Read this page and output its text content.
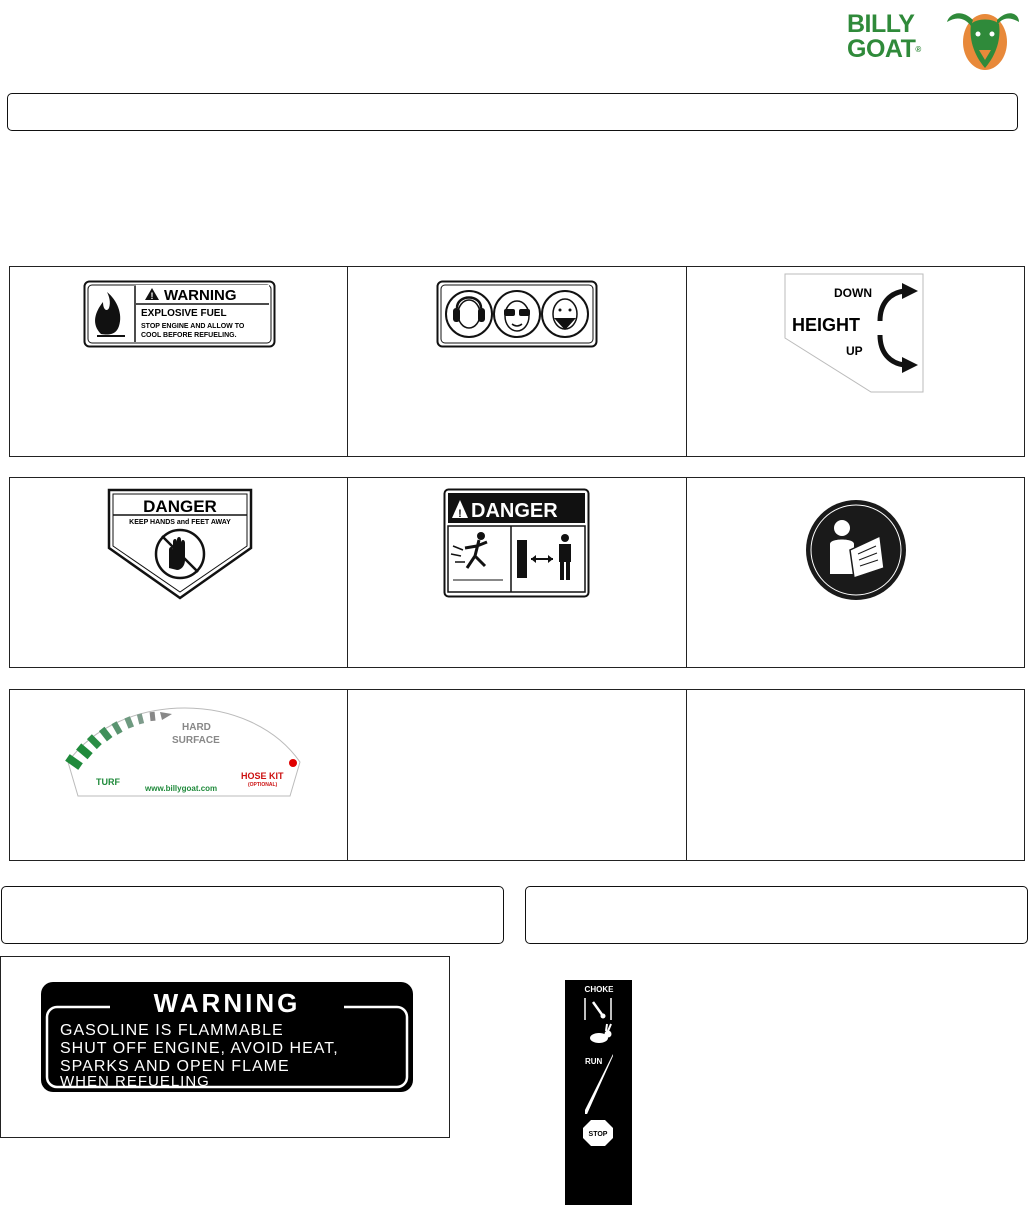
BILLY
GOAT®
! WARNING
EXPLOSIVE FUEL
STOP ENGINE AND ALLOW TO
COOL BEFORE REFUELING.
DOWN
HEIGHT
UP
DANGER
KEEP HANDS and FEET AWAY
! DANGER
HARD
SURFACE
TURF
HOSE KIT
(OPTIONAL)
www.billygoat.com
WARNING
GASOLINE IS FLAMMABLE
SHUT OFF ENGINE, AVOID HEAT,
SPARKS AND OPEN FLAME
WHEN REFUELING
CHOKE
RUN
STOP
